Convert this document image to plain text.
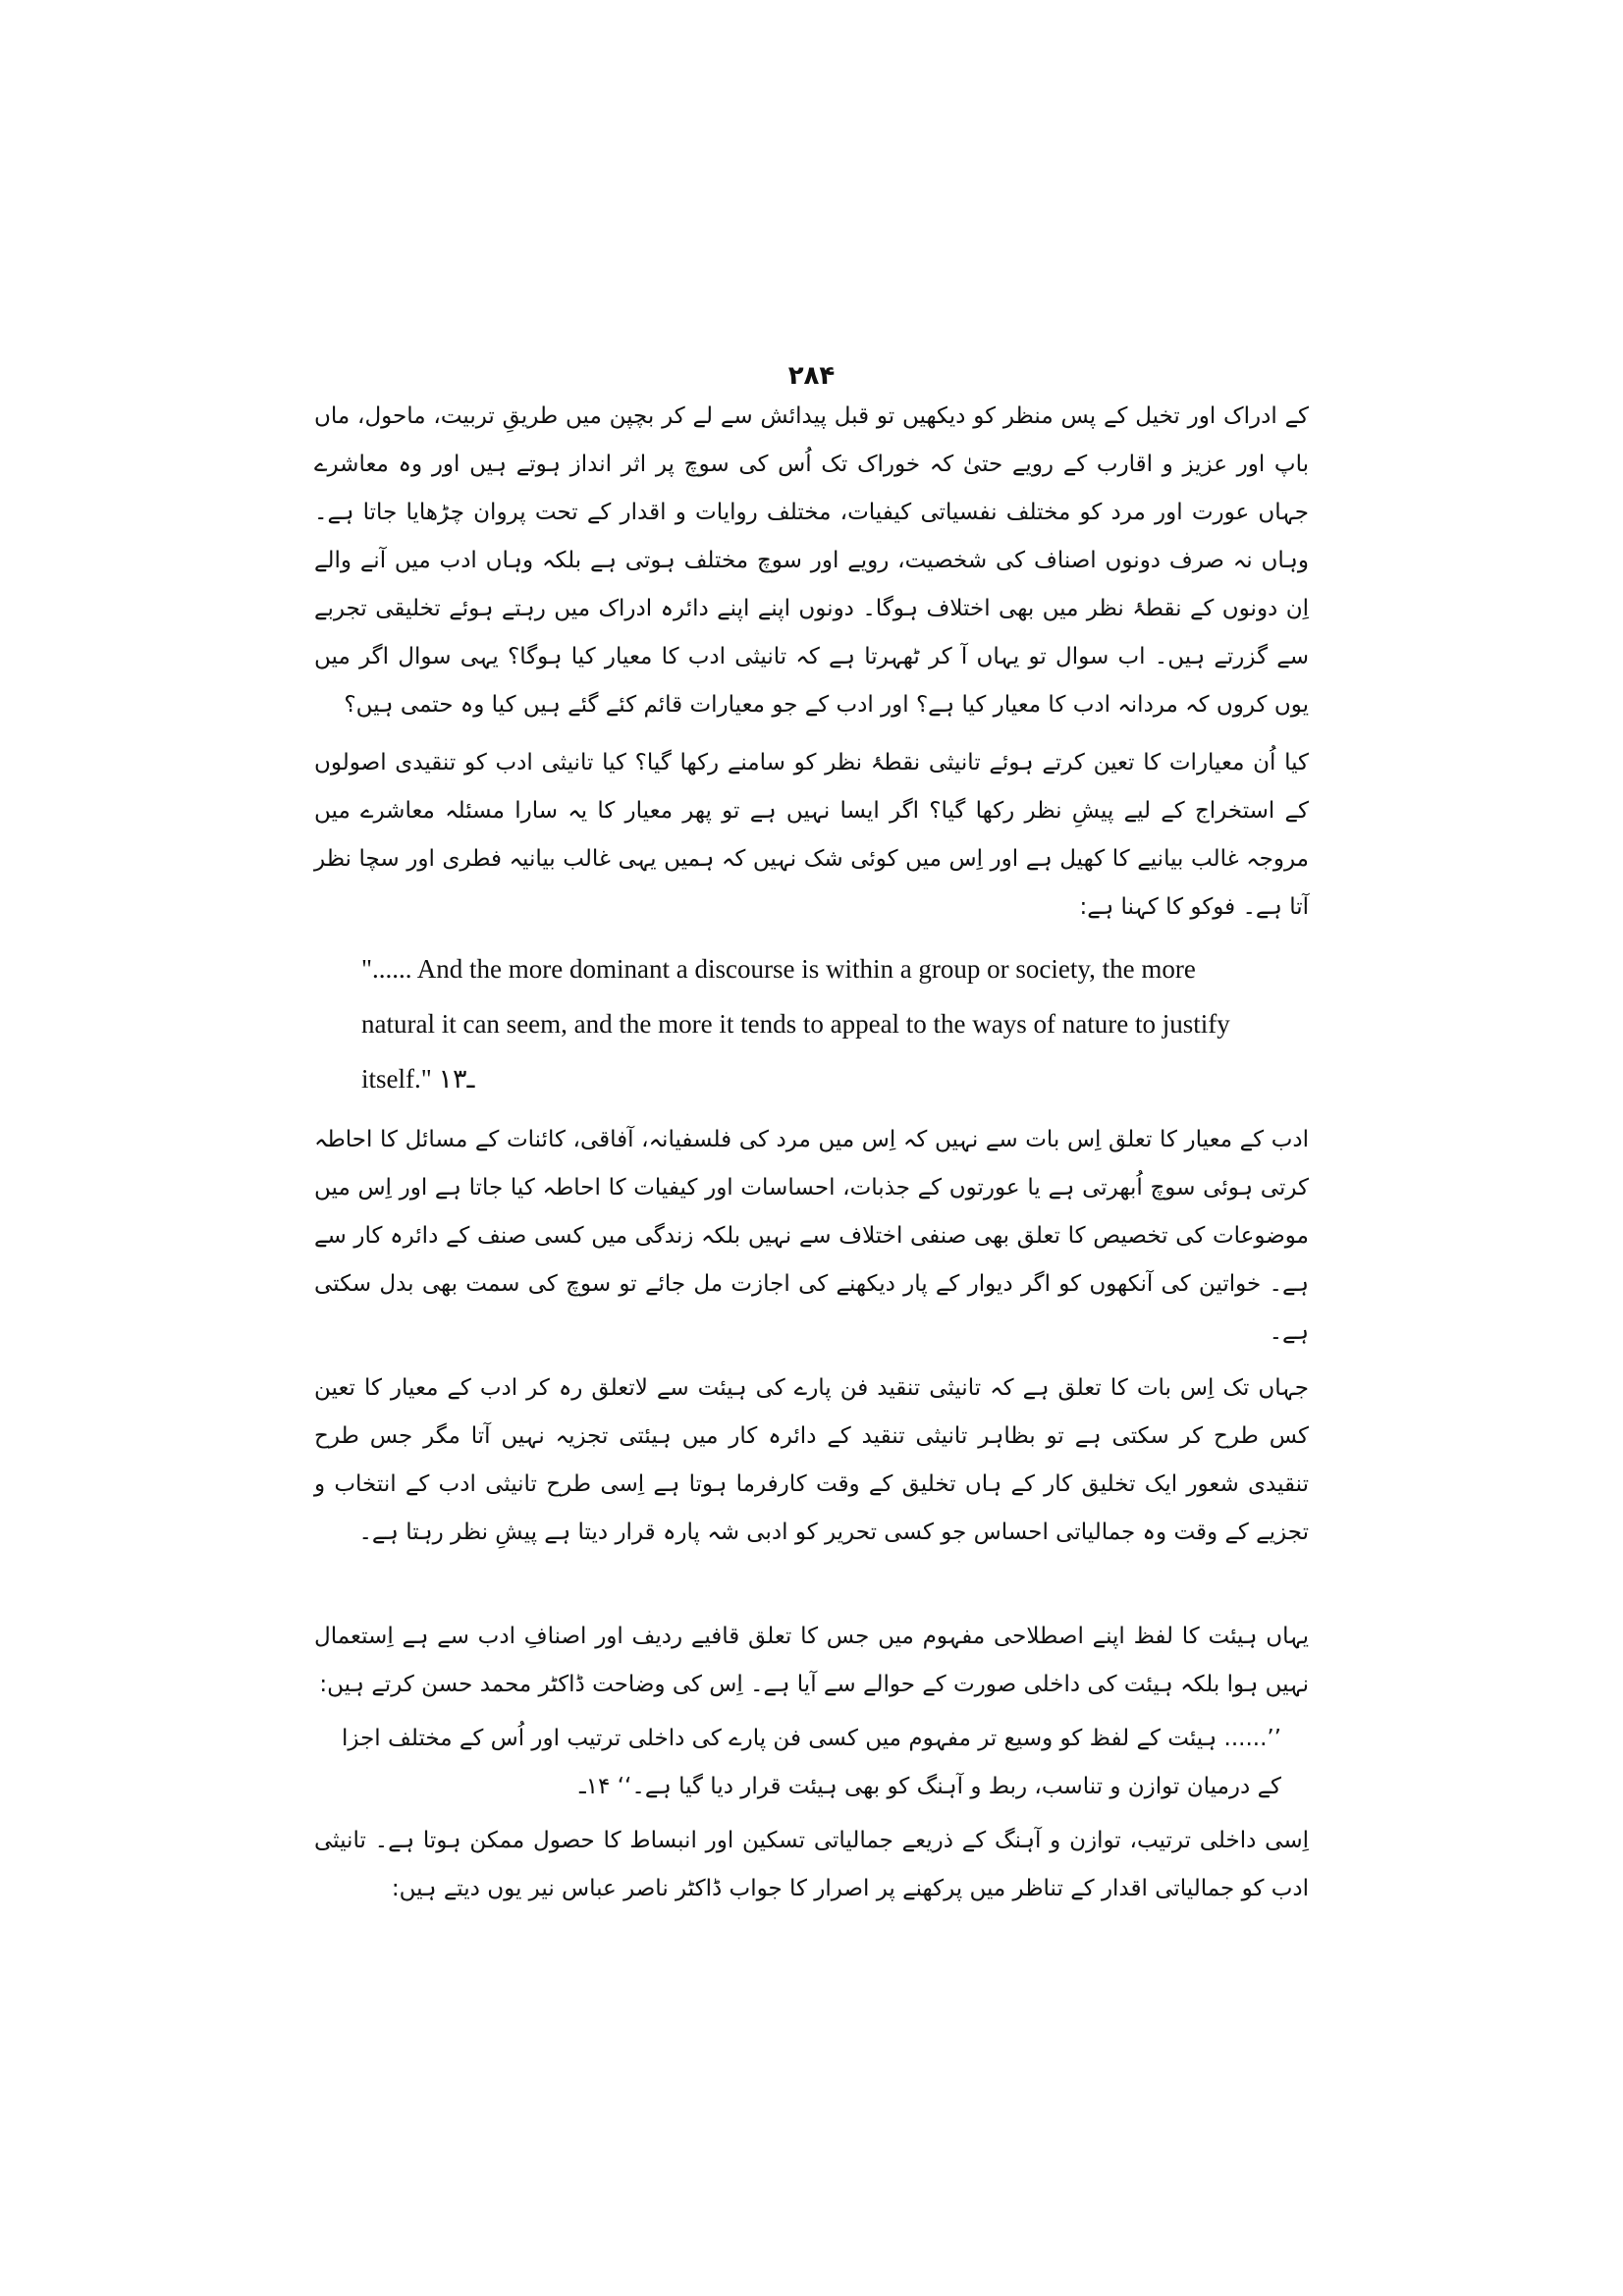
۲۸۴

کے ادراک اور تخیل کے پس منظر کو دیکھیں تو قبل پیدائش سے لے کر بچپن میں طریقِ تربیت، ماحول، ماں باپ اور عزیز و اقارب کے رویے حتیٰ کہ خوراک تک اُس کی سوچ پر اثر انداز ہوتے ہیں اور وہ معاشرے جہاں عورت اور مرد کو مختلف نفسیاتی کیفیات، مختلف روایات و اقدار کے تحت پروان چڑھایا جاتا ہے۔ وہاں نہ صرف دونوں اصناف کی شخصیت، رویے اور سوچ مختلف ہوتی ہے بلکہ وہاں ادب میں آنے والے اِن دونوں کے نقطۂ نظر میں بھی اختلاف ہوگا۔ دونوں اپنے اپنے دائرہ ادراک میں رہتے ہوئے تخلیقی تجربے سے گزرتے ہیں۔ اب سوال تو یہاں آ کر ٹھہرتا ہے کہ تانیثی ادب کا معیار کیا ہوگا؟ یہی سوال اگر میں یوں کروں کہ مردانہ ادب کا معیار کیا ہے؟ اور ادب کے جو معیارات قائم کئے گئے ہیں کیا وہ حتمی ہیں؟

کیا اُن معیارات کا تعین کرتے ہوئے تانیثی نقطۂ نظر کو سامنے رکھا گیا؟ کیا تانیثی ادب کو تنقیدی اصولوں کے استخراج کے لیے پیشِ نظر رکھا گیا؟ اگر ایسا نہیں ہے تو پھر معیار کا یہ سارا مسئلہ معاشرے میں مروجہ غالب بیانیے کا کھیل ہے اور اِس میں کوئی شک نہیں کہ ہمیں یہی غالب بیانیہ فطری اور سچا نظر آتا ہے۔ فوکو کا کہنا ہے:

"...... And the more dominant a discourse is within a group or society, the more natural it can seem, and the more it tends to appeal to the ways of nature to justify itself." ۱۳ـ

ادب کے معیار کا تعلق اِس بات سے نہیں کہ اِس میں مرد کی فلسفیانہ، آفاقی، کائنات کے مسائل کا احاطہ کرتی ہوئی سوچ اُبھرتی ہے یا عورتوں کے جذبات، احساسات اور کیفیات کا احاطہ کیا جاتا ہے اور اِس میں موضوعات کی تخصیص کا تعلق بھی صنفی اختلاف سے نہیں بلکہ زندگی میں کسی صنف کے دائرہ کار سے ہے۔ خواتین کی آنکھوں کو اگر دیوار کے پار دیکھنے کی اجازت مل جائے تو سوچ کی سمت بھی بدل سکتی ہے۔

جہاں تک اِس بات کا تعلق ہے کہ تانیثی تنقید فن پارے کی ہیئت سے لاتعلق رہ کر ادب کے معیار کا تعین کس طرح کر سکتی ہے تو بظاہر تانیثی تنقید کے دائرہ کار میں ہیئتی تجزیہ نہیں آتا مگر جس طرح تنقیدی شعور ایک تخلیق کار کے ہاں تخلیق کے وقت کارفرما ہوتا ہے اِسی طرح تانیثی ادب کے انتخاب و تجزیے کے وقت وہ جمالیاتی احساس جو کسی تحریر کو ادبی شہ پارہ قرار دیتا ہے پیشِ نظر رہتا ہے۔

یہاں ہیئت کا لفظ اپنے اصطلاحی مفہوم میں جس کا تعلق قافیے ردیف اور اصنافِ ادب سے ہے اِستعمال نہیں ہوا بلکہ ہیئت کی داخلی صورت کے حوالے سے آیا ہے۔ اِس کی وضاحت ڈاکٹر محمد حسن کرتے ہیں:

’’...... ہیئت کے لفظ کو وسیع تر مفہوم میں کسی فن پارے کی داخلی ترتیب اور اُس کے مختلف اجزا کے درمیان توازن و تناسب، ربط و آہنگ کو بھی ہیئت قرار دیا گیا ہے۔‘‘ ۱۴ـ

اِسی داخلی ترتیب، توازن و آہنگ کے ذریعے جمالیاتی تسکین اور انبساط کا حصول ممکن ہوتا ہے۔ تانیثی ادب کو جمالیاتی اقدار کے تناظر میں پرکھنے پر اصرار کا جواب ڈاکٹر ناصر عباس نیر یوں دیتے ہیں:
